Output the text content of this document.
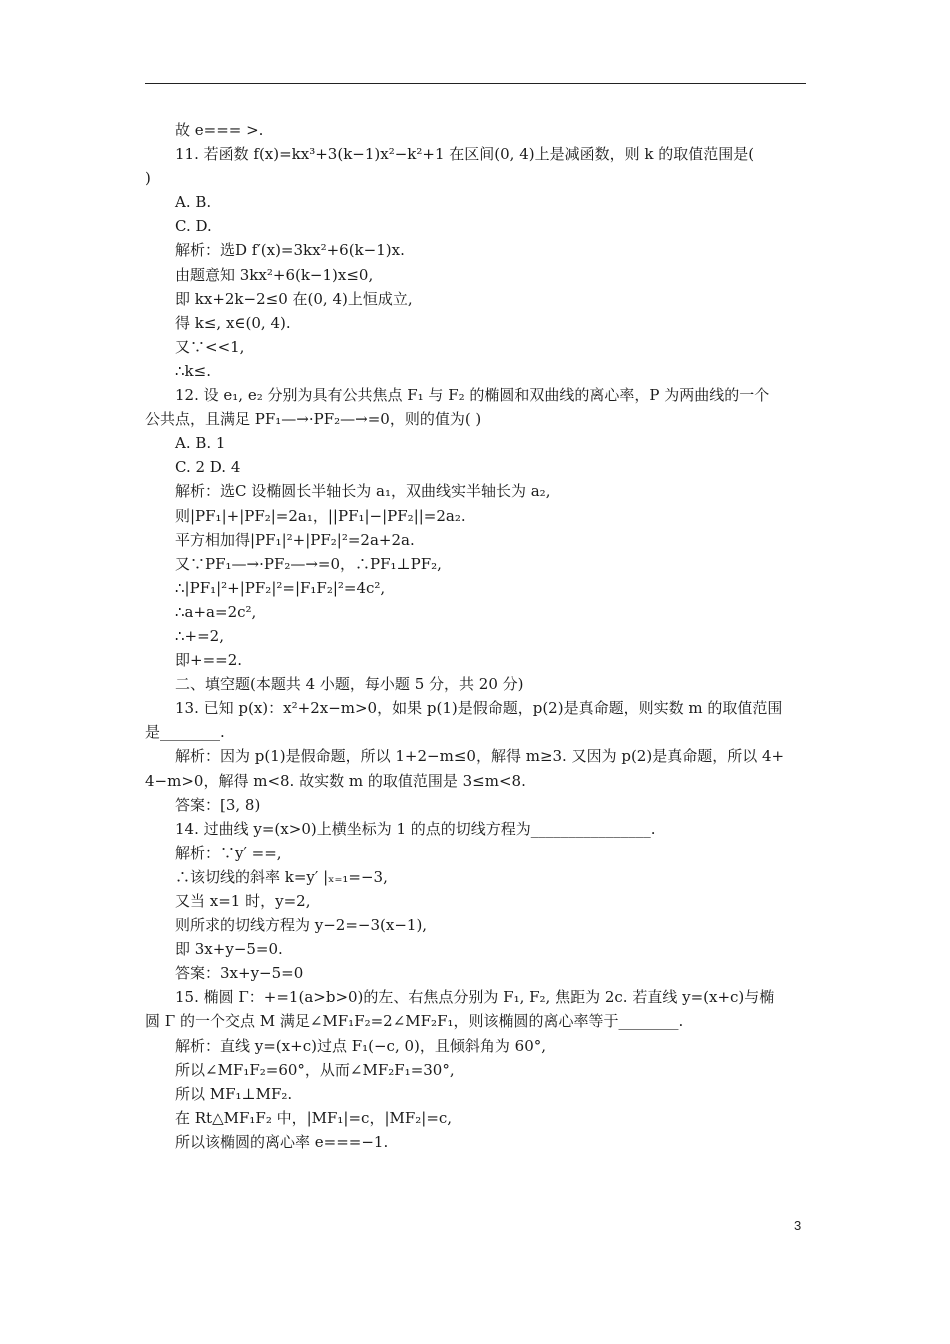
故 e=== >.
11. 若函数 f(x)=kx³+3(k−1)x²−k²+1 在区间(0, 4)上是减函数，则 k 的取值范围是(
)
A. B.
C. D.
解析：选D f′(x)=3kx²+6(k−1)x.
由题意知 3kx²+6(k−1)x≤0,
即 kx+2k−2≤0 在(0, 4)上恒成立,
得 k≤, x∈(0, 4).
又∵<<1,
∴k≤.
12. 设 e₁, e₂ 分别为具有公共焦点 F₁ 与 F₂ 的椭圆和双曲线的离心率，P 为两曲线的一个
公共点，且满足 PF₁—→·PF₂—→=0，则的值为( )
A. B. 1
C. 2 D. 4
解析：选C 设椭圆长半轴长为 a₁，双曲线实半轴长为 a₂,
则|PF₁|+|PF₂|=2a₁，||PF₁|−|PF₂||=2a₂.
平方相加得|PF₁|²+|PF₂|²=2a+2a.
又∵PF₁—→·PF₂—→=0，∴PF₁⊥PF₂,
∴|PF₁|²+|PF₂|²=|F₁F₂|²=4c²,
∴a+a=2c²,
∴+=2,
即+==2.
二、填空题(本题共 4 小题，每小题 5 分，共 20 分)
13. 已知 p(x)：x²+2x−m>0，如果 p(1)是假命题，p(2)是真命题，则实数 m 的取值范围
是________.
解析：因为 p(1)是假命题，所以 1+2−m≤0，解得 m≥3. 又因为 p(2)是真命题，所以 4+
4−m>0，解得 m<8. 故实数 m 的取值范围是 3≤m<8.
答案：[3, 8)
14. 过曲线 y=(x>0)上横坐标为 1 的点的切线方程为________________.
解析：∵y′ ==,
∴该切线的斜率 k=y′ |ₓ₌₁=−3,
又当 x=1 时，y=2,
则所求的切线方程为 y−2=−3(x−1),
即 3x+y−5=0.
答案：3x+y−5=0
15. 椭圆 Γ：+=1(a>b>0)的左、右焦点分别为 F₁, F₂, 焦距为 2c. 若直线 y=(x+c)与椭
圆 Γ 的一个交点 M 满足∠MF₁F₂=2∠MF₂F₁，则该椭圆的离心率等于________.
解析：直线 y=(x+c)过点 F₁(−c, 0)，且倾斜角为 60°,
所以∠MF₁F₂=60°，从而∠MF₂F₁=30°,
所以 MF₁⊥MF₂.
在 Rt△MF₁F₂ 中，|MF₁|=c，|MF₂|=c,
所以该椭圆的离心率 e===−1.
3
